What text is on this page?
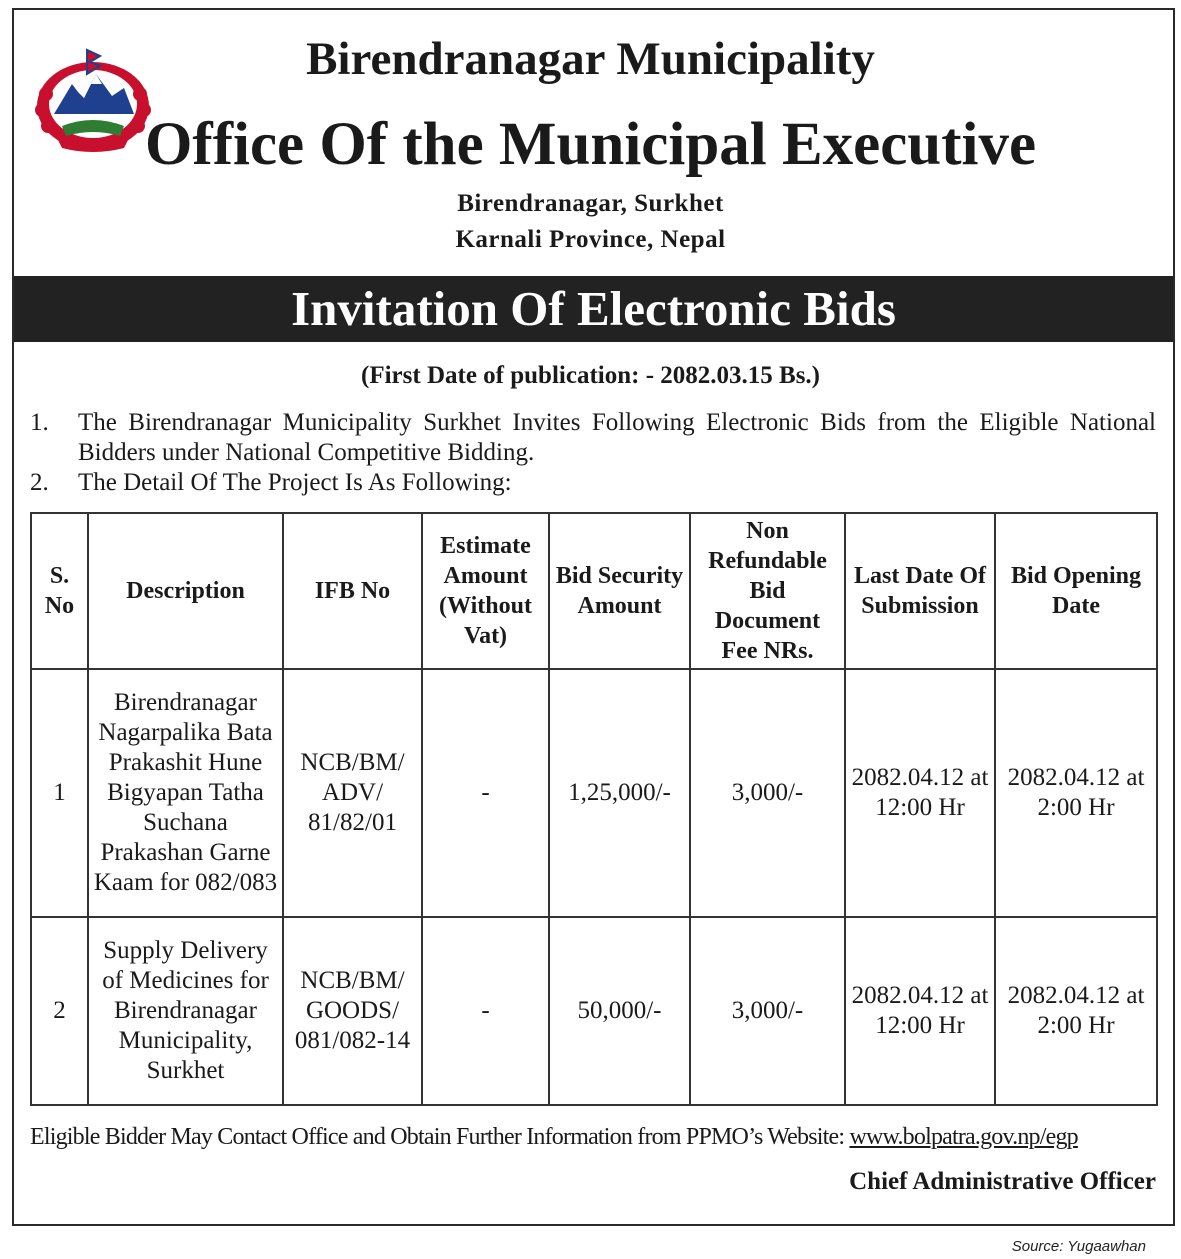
Birendranagar Municipality
Office Of the Municipal Executive
Birendranagar, Surkhet
Karnali Province, Nepal
Invitation Of Electronic Bids
(First Date of publication: - 2082.03.15 Bs.)
1. The Birendranagar Municipality Surkhet Invites Following Electronic Bids from the Eligible National Bidders under National Competitive Bidding.
2. The Detail Of The Project Is As Following:
S. No	Description	IFB No	Estimate Amount (Without Vat)	Bid Security Amount	Non Refundable Bid Document Fee NRs.	Last Date Of Submission	Bid Opening Date
1	Birendranagar Nagarpalika Bata Prakashit Hune Bigyapan Tatha Suchana Prakashan Garne Kaam for 082/083	NCB/BM/ ADV/ 81/82/01	-	1,25,000/-	3,000/-	2082.04.12 at 12:00 Hr	2082.04.12 at 2:00 Hr
2	Supply Delivery of Medicines for Birendranagar Municipality, Surkhet	NCB/BM/ GOODS/ 081/082-14	-	50,000/-	3,000/-	2082.04.12 at 12:00 Hr	2082.04.12 at 2:00 Hr
Eligible Bidder May Contact Office and Obtain Further Information from PPMO’s Website: www.bolpatra.gov.np/egp
Chief Administrative Officer
Source: Yugaawhan
